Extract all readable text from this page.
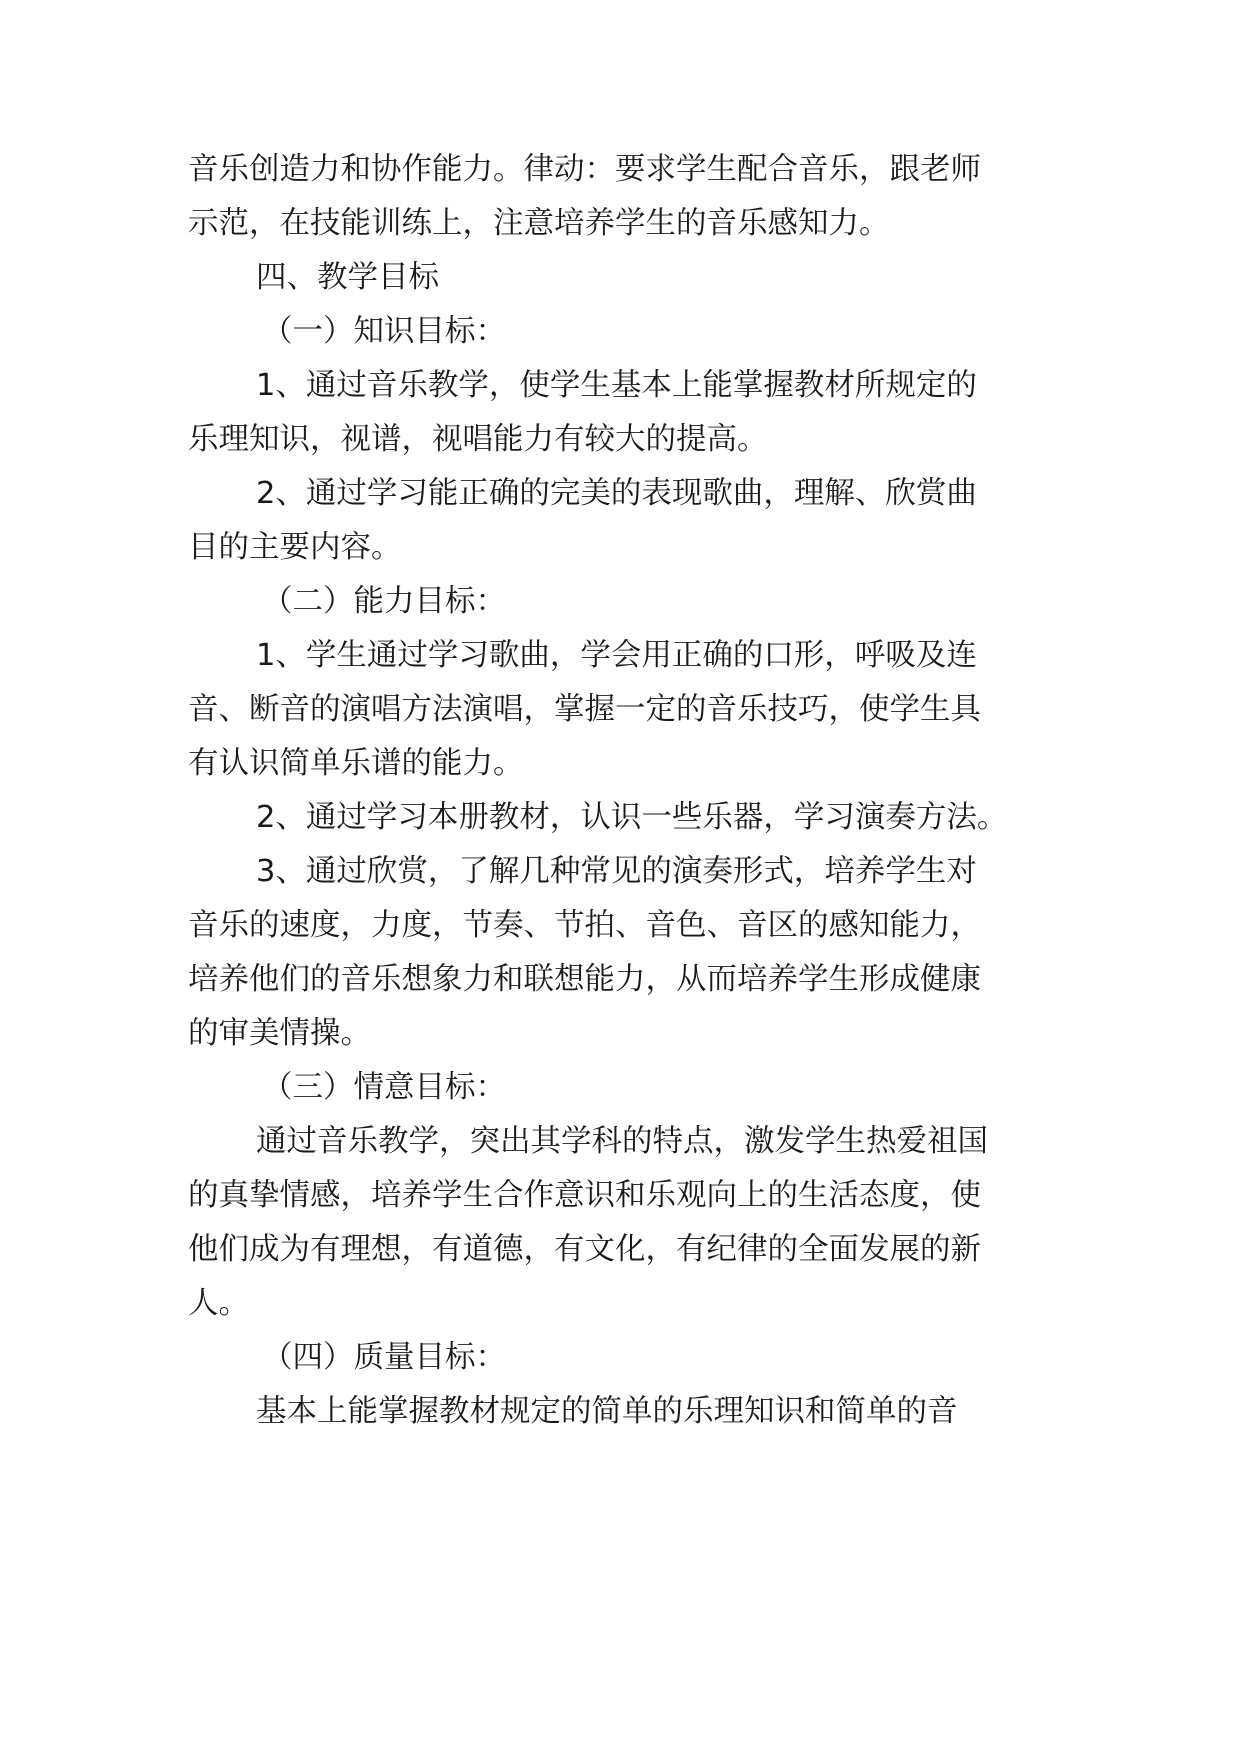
音乐创造力和协作能力。律动：要求学生配合音乐，跟老师
示范，在技能训练上，注意培养学生的音乐感知力。
四、教学目标
（一）知识目标：
1、通过音乐教学，使学生基本上能掌握教材所规定的
乐理知识，视谱，视唱能力有较大的提高。
2、通过学习能正确的完美的表现歌曲，理解、欣赏曲
目的主要内容。
（二）能力目标：
1、学生通过学习歌曲，学会用正确的口形，呼吸及连
音、断音的演唱方法演唱，掌握一定的音乐技巧，使学生具
有认识简单乐谱的能力。
2、通过学习本册教材，认识一些乐器，学习演奏方法。
3、通过欣赏，了解几种常见的演奏形式，培养学生对
音乐的速度，力度，节奏、节拍、音色、音区的感知能力，
培养他们的音乐想象力和联想能力，从而培养学生形成健康
的审美情操。
（三）情意目标：
通过音乐教学，突出其学科的特点，激发学生热爱祖国
的真挚情感，培养学生合作意识和乐观向上的生活态度，使
他们成为有理想，有道德，有文化，有纪律的全面发展的新
人。
（四）质量目标：
基本上能掌握教材规定的简单的乐理知识和简单的音
